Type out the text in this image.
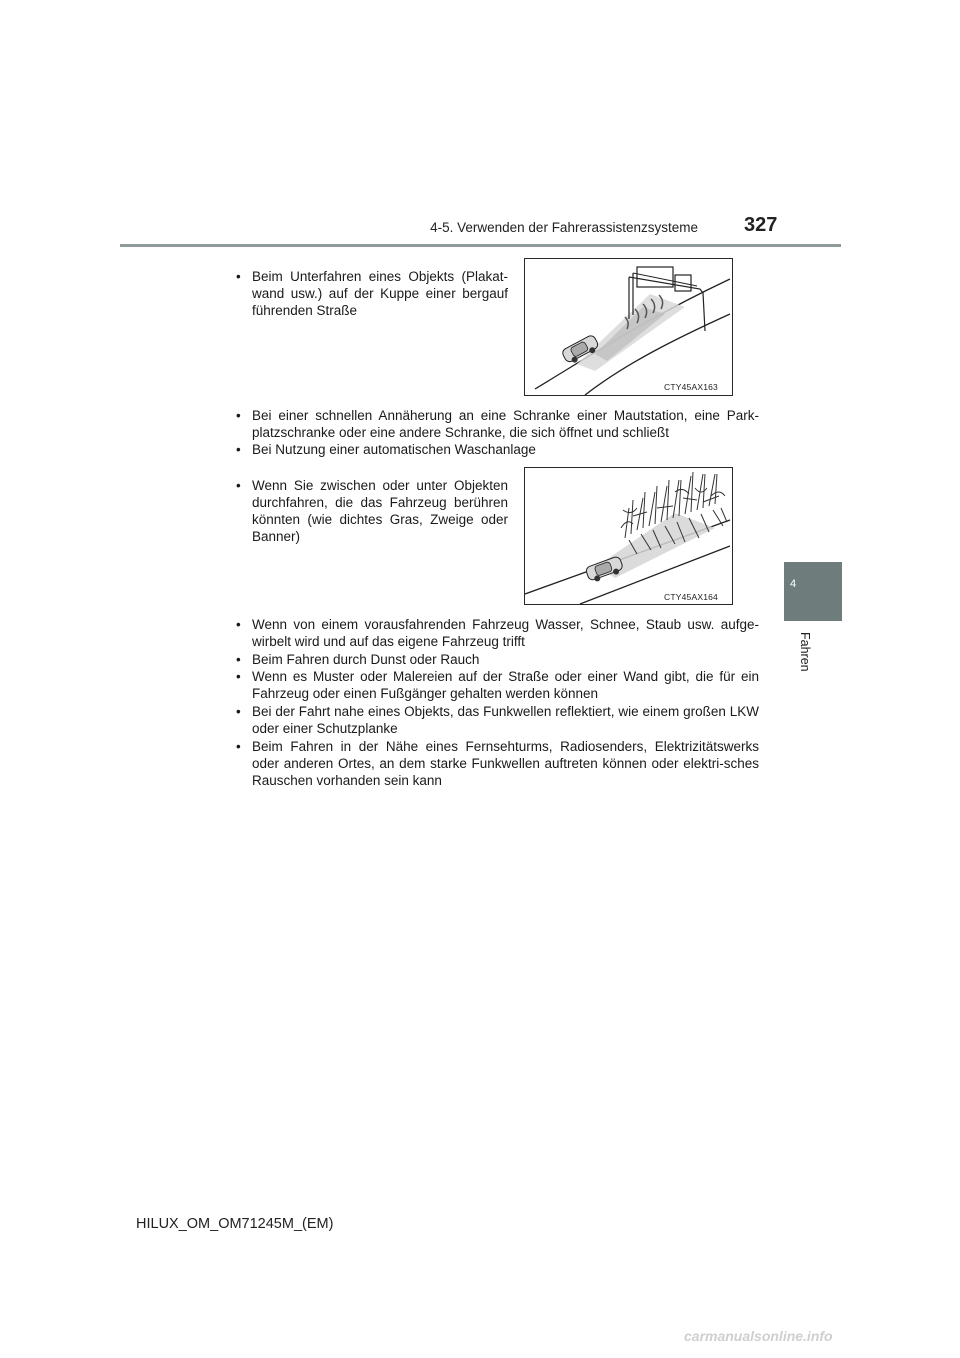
4-5. Verwenden der Fahrerassistenzsysteme 327
4
Fahren
• Beim Unterfahren eines Objekts (Plakat-wand usw.) auf der Kuppe einer bergauf führenden Straße
CTY45AX163
• Bei einer schnellen Annäherung an eine Schranke einer Mautstation, eine Park-platzschranke oder eine andere Schranke, die sich öffnet und schließt
• Bei Nutzung einer automatischen Waschanlage
• Wenn Sie zwischen oder unter Objekten durchfahren, die das Fahrzeug berühren könnten (wie dichtes Gras, Zweige oder Banner)
CTY45AX164
• Wenn von einem vorausfahrenden Fahrzeug Wasser, Schnee, Staub usw. aufge-wirbelt wird und auf das eigene Fahrzeug trifft
• Beim Fahren durch Dunst oder Rauch
• Wenn es Muster oder Malereien auf der Straße oder einer Wand gibt, die für ein Fahrzeug oder einen Fußgänger gehalten werden können
• Bei der Fahrt nahe eines Objekts, das Funkwellen reflektiert, wie einem großen LKW oder einer Schutzplanke
• Beim Fahren in der Nähe eines Fernsehturms, Radiosenders, Elektrizitätswerks oder anderen Ortes, an dem starke Funkwellen auftreten können oder elektri-sches Rauschen vorhanden sein kann
HILUX_OM_OM71245M_(EM)
carmanualsonline.info
